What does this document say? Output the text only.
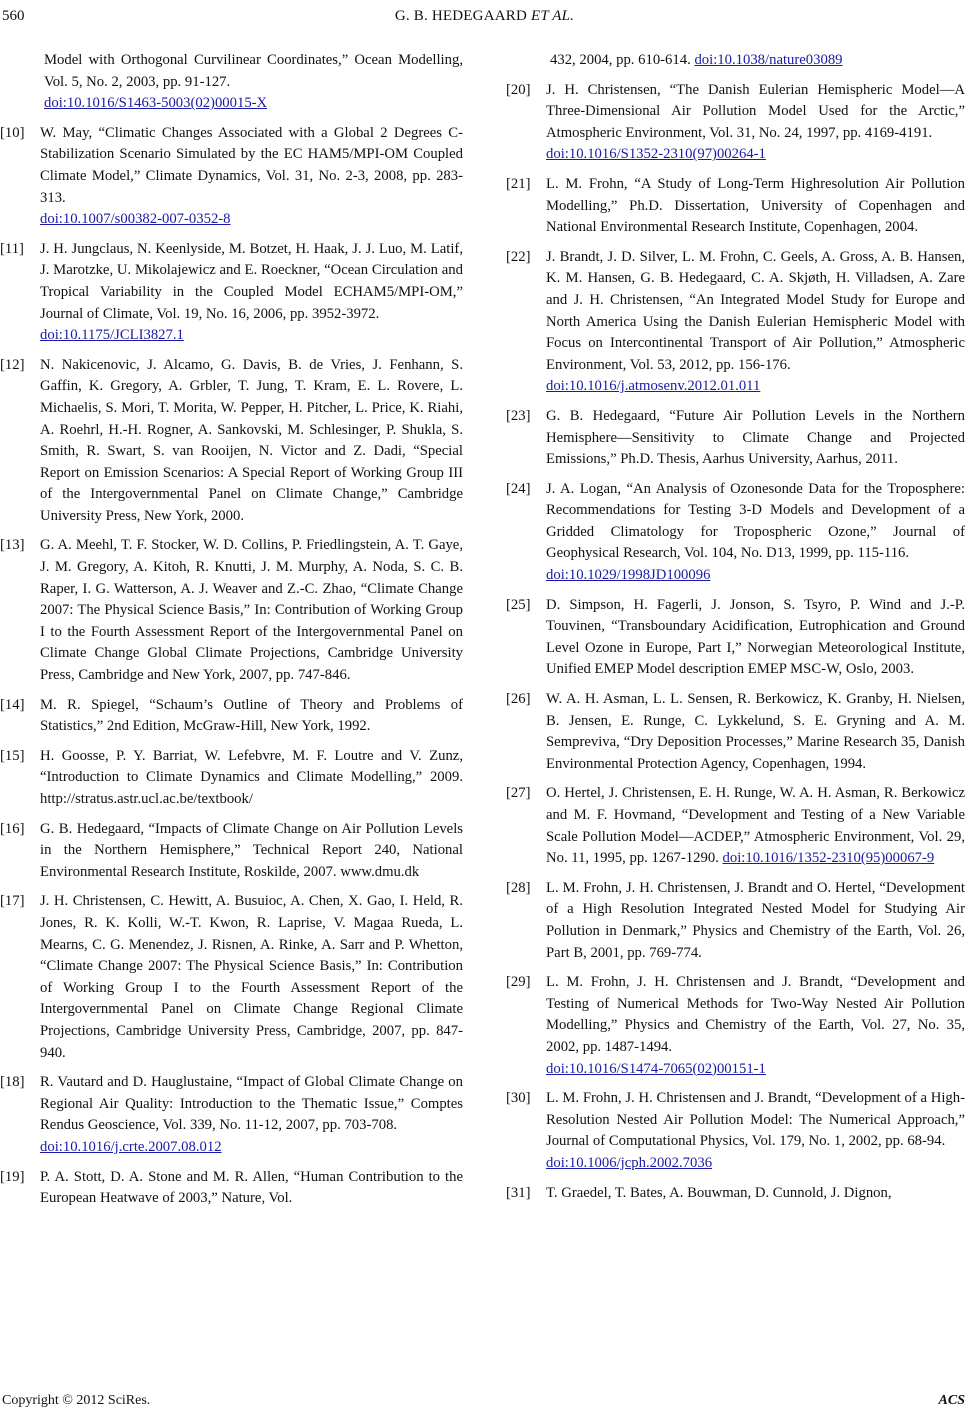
560	G. B. HEDEGAARD ET AL.
Model with Orthogonal Curvilinear Coordinates,” Ocean Modelling, Vol. 5, No. 2, 2003, pp. 91-127.
doi:10.1016/S1463-5003(02)00015-X
[10] W. May, “Climatic Changes Associated with a Global 2 Degrees C-Stabilization Scenario Simulated by the EC HAM5/MPI-OM Coupled Climate Model,” Climate Dynamics, Vol. 31, No. 2-3, 2008, pp. 283-313.
doi:10.1007/s00382-007-0352-8
[11] J. H. Jungclaus, N. Keenlyside, M. Botzet, H. Haak, J. J. Luo, M. Latif, J. Marotzke, U. Mikolajewicz and E. Roeckner, “Ocean Circulation and Tropical Variability in the Coupled Model ECHAM5/MPI-OM,” Journal of Climate, Vol. 19, No. 16, 2006, pp. 3952-3972.
doi:10.1175/JCLI3827.1
[12] N. Nakicenovic, J. Alcamo, G. Davis, B. de Vries, J. Fenhann, S. Gaffin, K. Gregory, A. Grbler, T. Jung, T. Kram, E. L. Rovere, L. Michaelis, S. Mori, T. Morita, W. Pepper, H. Pitcher, L. Price, K. Riahi, A. Roehrl, H.-H. Rogner, A. Sankovski, M. Schlesinger, P. Shukla, S. Smith, R. Swart, S. van Rooijen, N. Victor and Z. Dadi, “Special Report on Emission Scenarios: A Special Report of Working Group III of the Intergovernmental Panel on Climate Change,” Cambridge University Press, New York, 2000.
[13] G. A. Meehl, T. F. Stocker, W. D. Collins, P. Friedlingstein, A. T. Gaye, J. M. Gregory, A. Kitoh, R. Knutti, J. M. Murphy, A. Noda, S. C. B. Raper, I. G. Watterson, A. J. Weaver and Z.-C. Zhao, “Climate Change 2007: The Physical Science Basis,” In: Contribution of Working Group I to the Fourth Assessment Report of the Intergovernmental Panel on Climate Change Global Climate Projections, Cambridge University Press, Cambridge and New York, 2007, pp. 747-846.
[14] M. R. Spiegel, “Schaum’s Outline of Theory and Problems of Statistics,” 2nd Edition, McGraw-Hill, New York, 1992.
[15] H. Goosse, P. Y. Barriat, W. Lefebvre, M. F. Loutre and V. Zunz, “Introduction to Climate Dynamics and Climate Modelling,” 2009. http://stratus.astr.ucl.ac.be/textbook/
[16] G. B. Hedegaard, “Impacts of Climate Change on Air Pollution Levels in the Northern Hemisphere,” Technical Report 240, National Environmental Research Institute, Roskilde, 2007. www.dmu.dk
[17] J. H. Christensen, C. Hewitt, A. Busuioc, A. Chen, X. Gao, I. Held, R. Jones, R. K. Kolli, W.-T. Kwon, R. Laprise, V. Magaa Rueda, L. Mearns, C. G. Menendez, J. Risnen, A. Rinke, A. Sarr and P. Whetton, “Climate Change 2007: The Physical Science Basis,” In: Contribution of Working Group I to the Fourth Assessment Report of the Intergovernmental Panel on Climate Change Regional Climate Projections, Cambridge University Press, Cambridge, 2007, pp. 847-940.
[18] R. Vautard and D. Hauglustaine, “Impact of Global Climate Change on Regional Air Quality: Introduction to the Thematic Issue,” Comptes Rendus Geoscience, Vol. 339, No. 11-12, 2007, pp. 703-708.
doi:10.1016/j.crte.2007.08.012
[19] P. A. Stott, D. A. Stone and M. R. Allen, “Human Contribution to the European Heatwave of 2003,” Nature, Vol.
432, 2004, pp. 610-614. doi:10.1038/nature03089
[20] J. H. Christensen, “The Danish Eulerian Hemispheric Model—A Three-Dimensional Air Pollution Model Used for the Arctic,” Atmospheric Environment, Vol. 31, No. 24, 1997, pp. 4169-4191.
doi:10.1016/S1352-2310(97)00264-1
[21] L. M. Frohn, “A Study of Long-Term Highresolution Air Pollution Modelling,” Ph.D. Dissertation, University of Copenhagen and National Environmental Research Institute, Copenhagen, 2004.
[22] J. Brandt, J. D. Silver, L. M. Frohn, C. Geels, A. Gross, A. B. Hansen, K. M. Hansen, G. B. Hedegaard, C. A. Skjøth, H. Villadsen, A. Zare and J. H. Christensen, “An Integrated Model Study for Europe and North America Using the Danish Eulerian Hemispheric Model with Focus on Intercontinental Transport of Air Pollution,” Atmospheric Environment, Vol. 53, 2012, pp. 156-176.
doi:10.1016/j.atmosenv.2012.01.011
[23] G. B. Hedegaard, “Future Air Pollution Levels in the Northern Hemisphere—Sensitivity to Climate Change and Projected Emissions,” Ph.D. Thesis, Aarhus University, Aarhus, 2011.
[24] J. A. Logan, “An Analysis of Ozonesonde Data for the Troposphere: Recommendations for Testing 3-D Models and Development of a Gridded Climatology for Tropospheric Ozone,” Journal of Geophysical Research, Vol. 104, No. D13, 1999, pp. 115-116.
doi:10.1029/1998JD100096
[25] D. Simpson, H. Fagerli, J. Jonson, S. Tsyro, P. Wind and J.-P. Touvinen, “Transboundary Acidification, Eutrophication and Ground Level Ozone in Europe, Part I,” Norwegian Meteorological Institute, Unified EMEP Model description EMEP MSC-W, Oslo, 2003.
[26] W. A. H. Asman, L. L. Sensen, R. Berkowicz, K. Granby, H. Nielsen, B. Jensen, E. Runge, C. Lykkelund, S. E. Gryning and A. M. Sempreviva, “Dry Deposition Processes,” Marine Research 35, Danish Environmental Protection Agency, Copenhagen, 1994.
[27] O. Hertel, J. Christensen, E. H. Runge, W. A. H. Asman, R. Berkowicz and M. F. Hovmand, “Development and Testing of a New Variable Scale Pollution Model—ACDEP,” Atmospheric Environment, Vol. 29, No. 11, 1995, pp. 1267-1290. doi:10.1016/1352-2310(95)00067-9
[28] L. M. Frohn, J. H. Christensen, J. Brandt and O. Hertel, “Development of a High Resolution Integrated Nested Model for Studying Air Pollution in Denmark,” Physics and Chemistry of the Earth, Vol. 26, Part B, 2001, pp. 769-774.
[29] L. M. Frohn, J. H. Christensen and J. Brandt, “Development and Testing of Numerical Methods for Two-Way Nested Air Pollution Modelling,” Physics and Chemistry of the Earth, Vol. 27, No. 35, 2002, pp. 1487-1494.
doi:10.1016/S1474-7065(02)00151-1
[30] L. M. Frohn, J. H. Christensen and J. Brandt, “Development of a High-Resolution Nested Air Pollution Model: The Numerical Approach,” Journal of Computational Physics, Vol. 179, No. 1, 2002, pp. 68-94.
doi:10.1006/jcph.2002.7036
[31] T. Graedel, T. Bates, A. Bouwman, D. Cunnold, J. Dignon,
Copyright © 2012 SciRes.	ACS
